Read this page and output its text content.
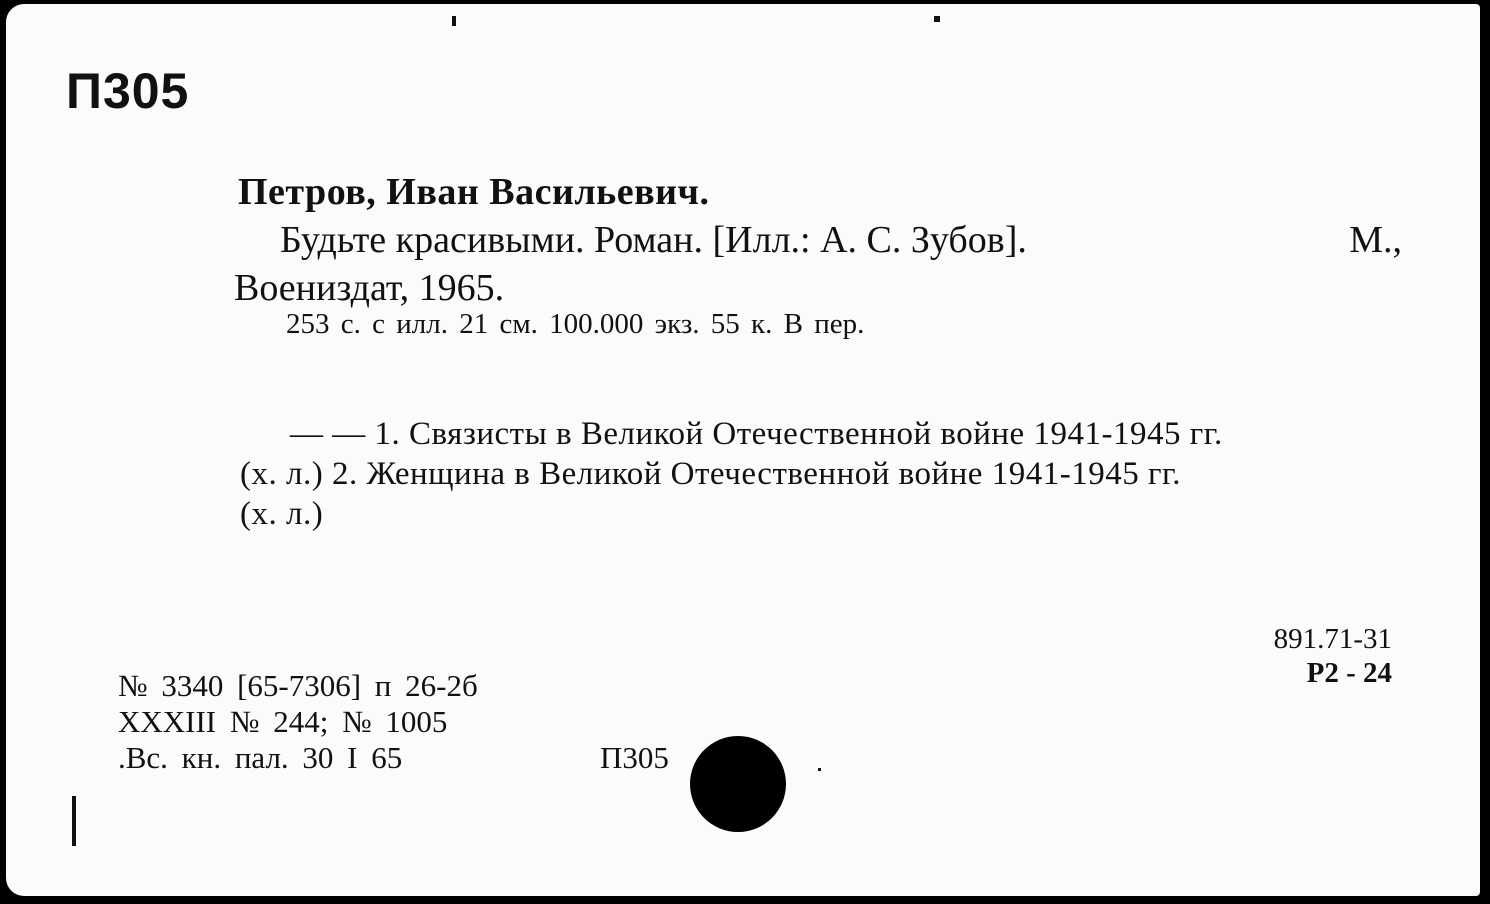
П305
Петров, Иван Васильевич.
Будьте красивыми. Роман. [Илл.: А. С. Зубов].	М.,
Воениздат, 1965.
253 с. с илл. 21 см. 100.000 экз. 55 к. В пер.
— — 1. Связисты в Великой Отечественной войне 1941-1945 гг.
(х. л.) 2. Женщина в Великой Отечественной войне 1941-1945 гг.
(х. л.)
891.71-31
Р2 - 24
№ 3340 [65-7306] п 26-2б
XXXIII № 244; № 1005
.Вс. кн. пал. 30 I 65	П305
